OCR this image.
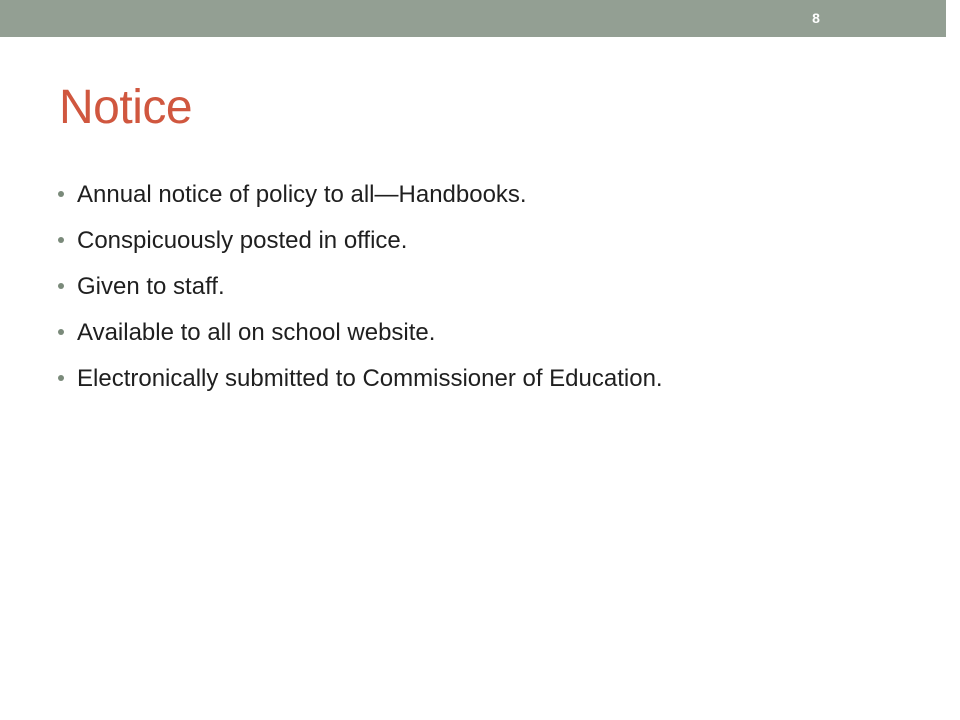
8
Notice
Annual notice of policy to all—Handbooks.
Conspicuously posted in office.
Given to staff.
Available to all on school website.
Electronically submitted to Commissioner of Education.
